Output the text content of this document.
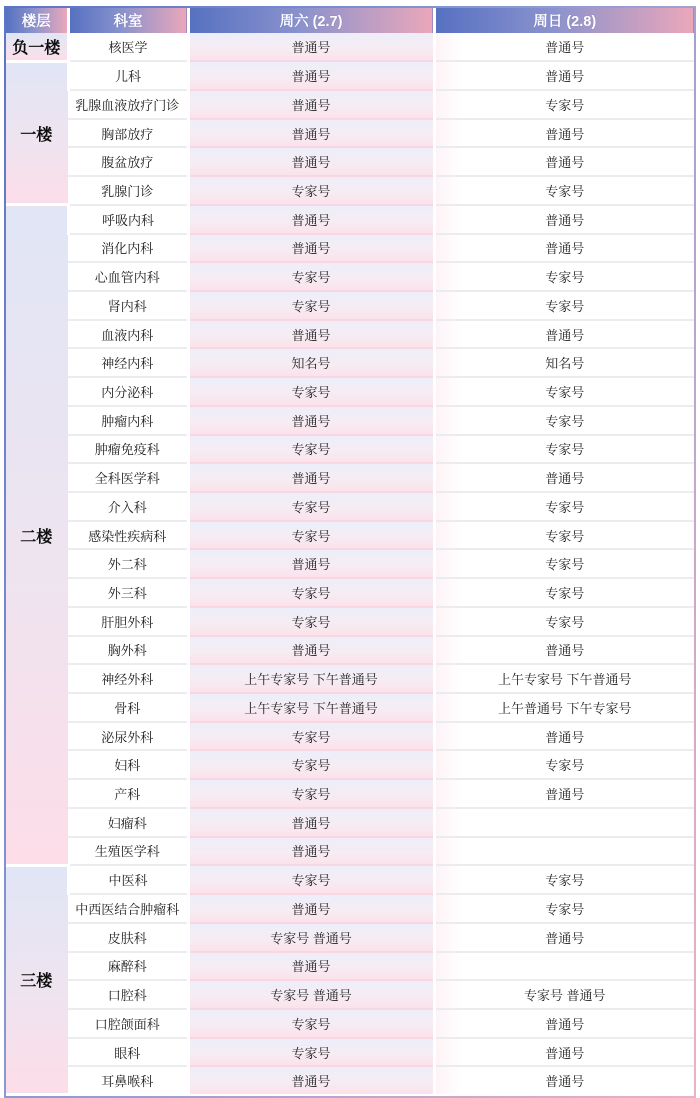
楼层	科室	周六 (2.7)	周日 (2.8)
负一楼	核医学	普通号	普通号
一楼	儿科	普通号	普通号
	乳腺血液放疗门诊	普通号	专家号
	胸部放疗	普通号	普通号
	腹盆放疗	普通号	普通号
	乳腺门诊	专家号	专家号
二楼	呼吸内科	普通号	普通号
	消化内科	普通号	普通号
	心血管内科	专家号	专家号
	肾内科	专家号	专家号
	血液内科	普通号	普通号
	神经内科	知名号	知名号
	内分泌科	专家号	专家号
	肿瘤内科	普通号	专家号
	肿瘤免疫科	专家号	专家号
	全科医学科	普通号	普通号
	介入科	专家号	专家号
	感染性疾病科	专家号	专家号
	外二科	普通号	专家号
	外三科	专家号	专家号
	肝胆外科	专家号	专家号
	胸外科	普通号	普通号
	神经外科	上午专家号 下午普通号	上午专家号 下午普通号
	骨科	上午专家号 下午普通号	上午普通号 下午专家号
	泌尿外科	专家号	普通号
	妇科	专家号	专家号
	产科	专家号	普通号
	妇瘤科	普通号	
	生殖医学科	普通号	
三楼	中医科	专家号	专家号
	中西医结合肿瘤科	普通号	专家号
	皮肤科	专家号 普通号	普通号
	麻醉科	普通号	
	口腔科	专家号 普通号	专家号 普通号
	口腔颌面科	专家号	普通号
	眼科	专家号	普通号
	耳鼻喉科	普通号	普通号
